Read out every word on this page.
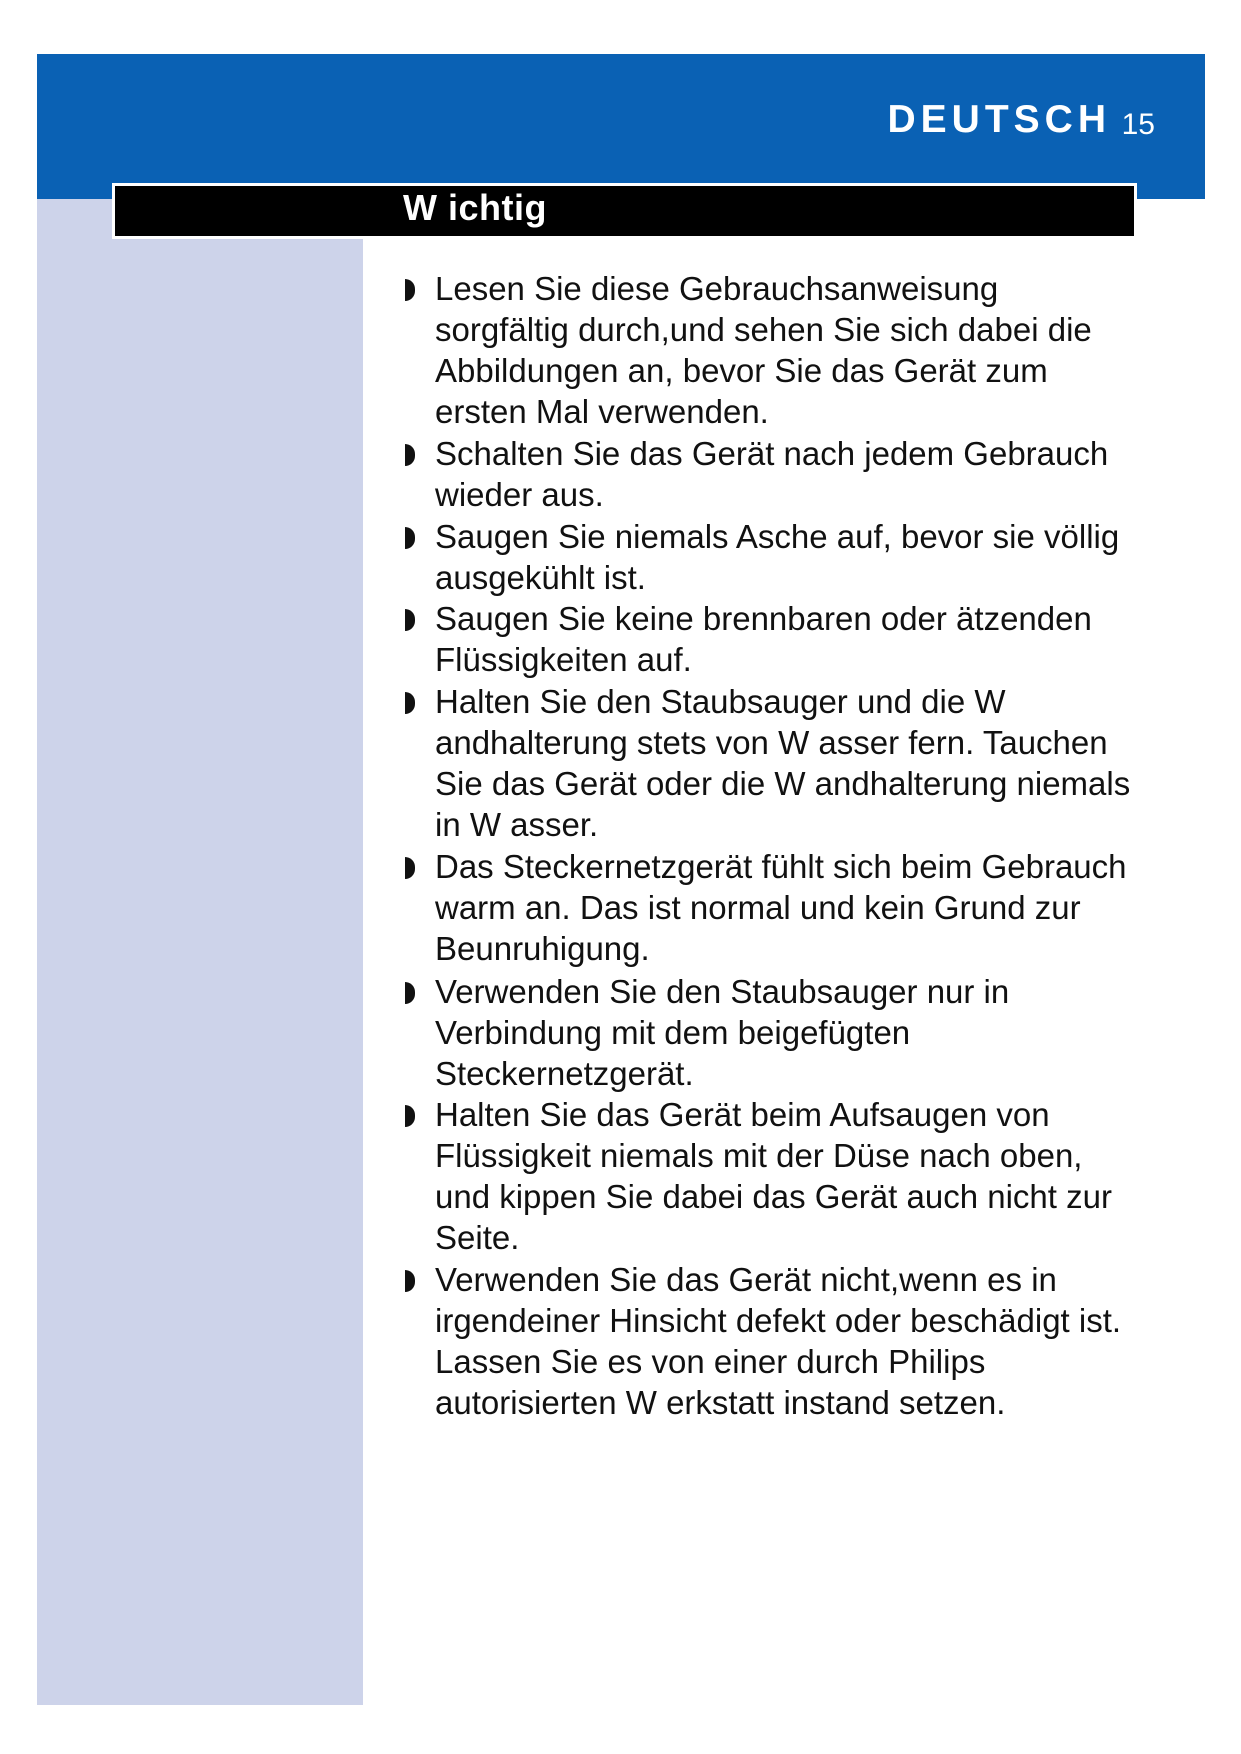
DEUTSCH 15
W ichtig
Lesen Sie diese Gebrauchsanweisung sorgfältig durch,und sehen Sie sich dabei die Abbildungen an, bevor Sie das Gerät zum ersten Mal verwenden.
Schalten Sie das Gerät nach jedem Gebrauch wieder aus.
Saugen Sie niemals Asche auf, bevor sie völlig ausgekühlt ist.
Saugen Sie keine brennbaren oder ätzenden Flüssigkeiten auf.
Halten Sie den Staubsauger und die W andhalterung stets von W asser fern. Tauchen Sie das Gerät oder die W andhalterung niemals in W asser.
Das Steckernetzgerät fühlt sich beim Gebrauch warm an. Das ist normal und kein Grund zur Beunruhigung.
Verwenden Sie den Staubsauger nur in Verbindung mit dem beigefügten Steckernetzgerät.
Halten Sie das Gerät beim Aufsaugen von Flüssigkeit niemals mit der Düse nach oben, und kippen Sie dabei das Gerät auch nicht zur Seite.
Verwenden Sie das Gerät nicht,wenn es in irgendeiner Hinsicht defekt oder beschädigt ist. Lassen Sie es von einer durch Philips autorisierten W erkstatt instand setzen.
